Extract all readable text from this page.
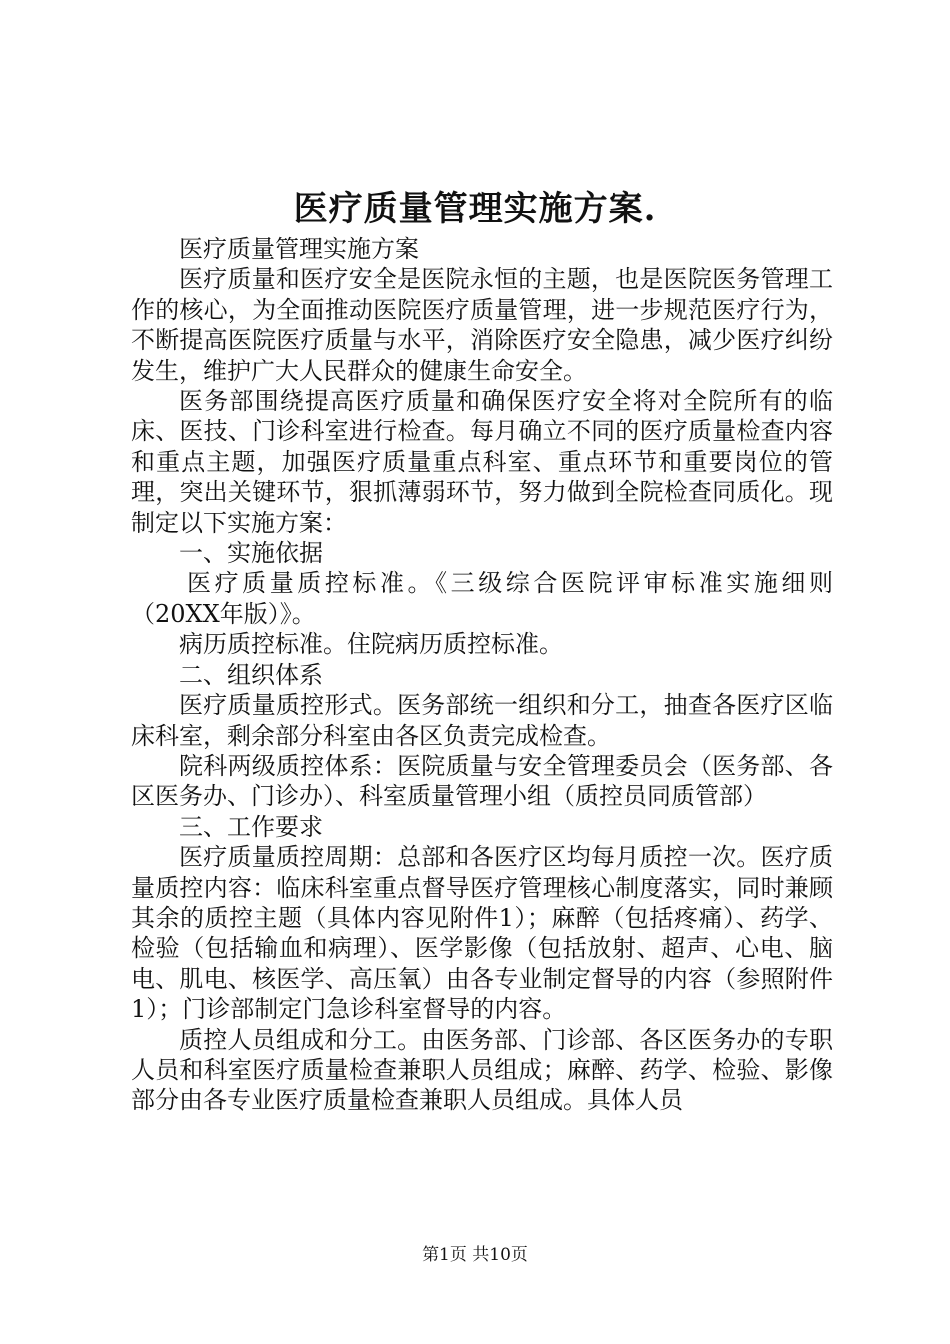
医疗质量管理实施方案.

医疗质量管理实施方案

医疗质量和医疗安全是医院永恒的主题，也是医院医务管理工作的核心，为全面推动医院医疗质量管理，进一步规范医疗行为，不断提高医院医疗质量与水平，消除医疗安全隐患，减少医疗纠纷发生，维护广大人民群众的健康生命安全。

医务部围绕提高医疗质量和确保医疗安全将对全院所有的临床、医技、门诊科室进行检查。每月确立不同的医疗质量检查内容和重点主题，加强医疗质量重点科室、重点环节和重要岗位的管理，突出关键环节，狠抓薄弱环节，努力做到全院检查同质化。现制定以下实施方案：

一、实施依据

医疗质量质控标准。《三级综合医院评审标准实施细则（20XX年版）》。

病历质控标准。住院病历质控标准。

二、组织体系

医疗质量质控形式。医务部统一组织和分工，抽查各医疗区临床科室，剩余部分科室由各区负责完成检查。

院科两级质控体系：医院质量与安全管理委员会（医务部、各区医务办、门诊办）、科室质量管理小组（质控员同质管部）

三、工作要求

医疗质量质控周期：总部和各医疗区均每月质控一次。医疗质量质控内容：临床科室重点督导医疗管理核心制度落实，同时兼顾其余的质控主题（具体内容见附件1）；麻醉（包括疼痛）、药学、检验（包括输血和病理）、医学影像（包括放射、超声、心电、脑电、肌电、核医学、高压氧）由各专业制定督导的内容（参照附件1）；门诊部制定门急诊科室督导的内容。

质控人员组成和分工。由医务部、门诊部、各区医务办的专职人员和科室医疗质量检查兼职人员组成；麻醉、药学、检验、影像部分由各专业医疗质量检查兼职人员组成。具体人员

第1页 共10页
